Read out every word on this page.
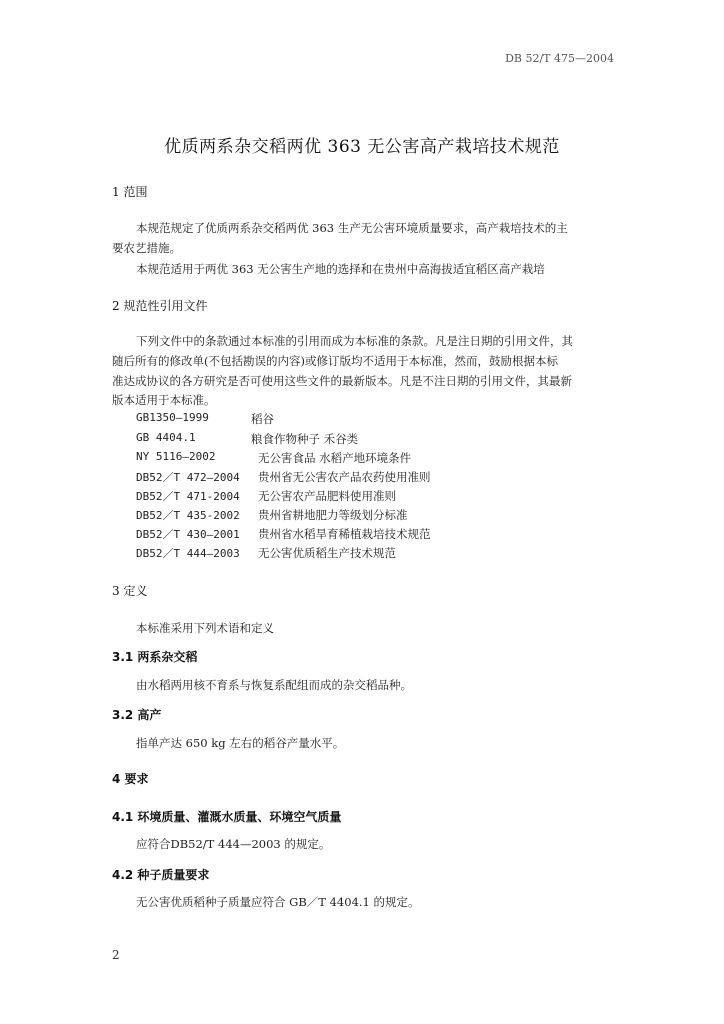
DB 52/T 475—2004
优质两系杂交稻两优 363 无公害高产栽培技术规范
1 范围
本规范规定了优质两系杂交稻两优 363 生产无公害环境质量要求，高产栽培技术的主
要农艺措施。
本规范适用于两优 363 无公害生产地的选择和在贵州中高海拔适宜稻区高产栽培
2 规范性引用文件
下列文件中的条款通过本标准的引用而成为本标准的条款。凡是注日期的引用文件，其
随后所有的修改单(不包括勘误的内容)或修订版均不适用于本标准，然而，鼓励根据本标
准达成协议的各方研究是否可使用这些文件的最新版本。凡是不注日期的引用文件，其最新
版本适用于本标准。
GB1350—1999	稻谷
GB 4404.1	粮食作物种子 禾谷类
NY 5116—2002	无公害食品 水稻产地环境条件
DB52／T 472—2004 贵州省无公害农产品农药使用准则
DB52／T 471-2004 无公害农产品肥料使用准则
DB52／T 435-2002 贵州省耕地肥力等级划分标准
DB52／T 430—2001 贵州省水稻旱育稀植栽培技术规范
DB52／T 444—2003 无公害优质稻生产技术规范
3 定义
本标准采用下列术语和定义
3.1 两系杂交稻
由水稻两用核不育系与恢复系配组而成的杂交稻品种。
3.2 高产
指单产达 650 kg 左右的稻谷产量水平。
4 要求
4.1 环境质量、灌溉水质量、环境空气质量
应符合DB52/T 444—2003 的规定。
4.2 种子质量要求
无公害优质稻种子质量应符合 GB／T 4404.1 的规定。
2
